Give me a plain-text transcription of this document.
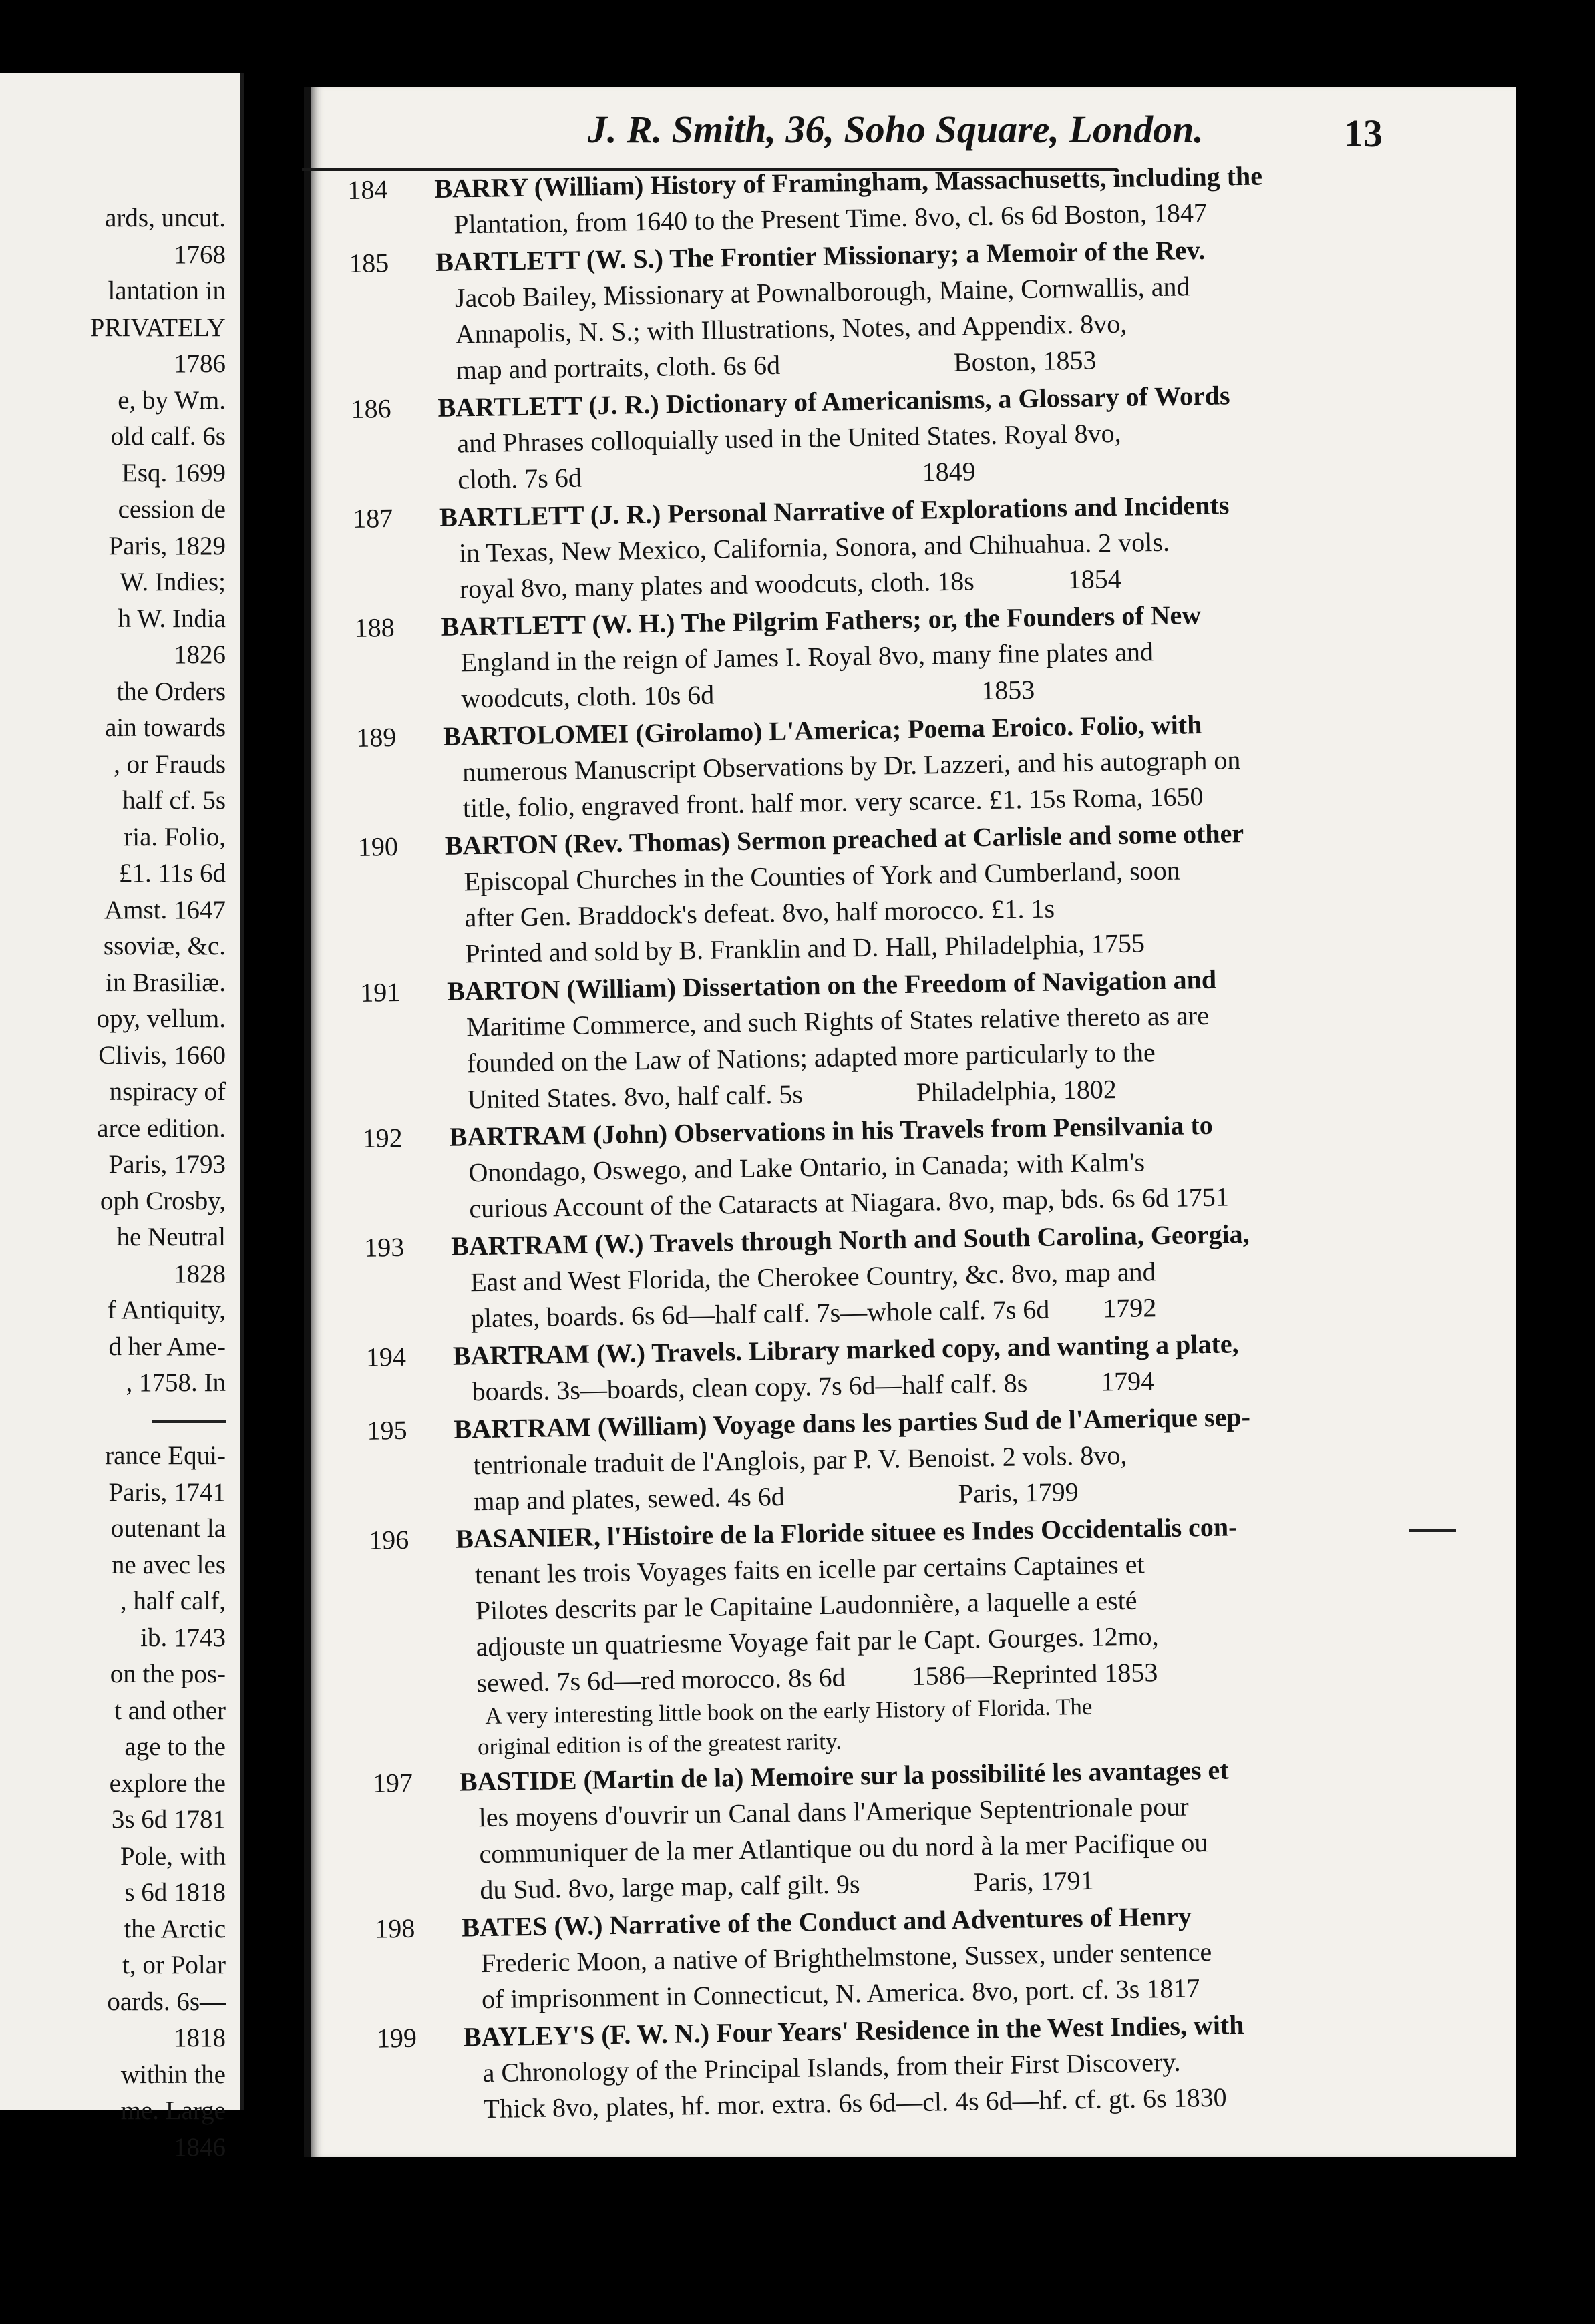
ards, uncut.
1768
lantation in
PRIVATELY
1786
e, by Wm.
old calf. 6s
Esq. 1699
cession de
Paris, 1829
W. Indies;
h W. India
1826
the Orders
ain towards
, or Frauds
half cf. 5s
ria. Folio,
£1. 11s 6d
Amst. 1647
ssoviæ, &c.
in Brasiliæ.
opy, vellum.
Clivis, 1660
nspiracy of
arce edition.
Paris, 1793
oph Crosby,
he Neutral
1828
f Antiquity,
d her Ame-
, 1758. In
rance Equi-
Paris, 1741
outenant la
ne avec les
, half calf,
ib. 1743
on the pos-
t and other
age to the
explore the
3s 6d 1781
Pole, with
s 6d 1818
the Arctic
t, or Polar
oards. 6s—
1818
within the
me. Large
1846
J. R. Smith, 36, Soho Square, London.	13
184 BARRY (William) History of Framingham, Massachusetts, including the
Plantation, from 1640 to the Present Time. 8vo, cl. 6s 6d Boston, 1847
185 BARTLETT (W. S.) The Frontier Missionary; a Memoir of the Rev.
Jacob Bailey, Missionary at Pownalborough, Maine, Cornwallis, and
Annapolis, N. S.; with Illustrations, Notes, and Appendix. 8vo,
map and portraits, cloth. 6s 6d                          Boston, 1853
186 BARTLETT (J. R.) Dictionary of Americanisms, a Glossary of Words
and Phrases colloquially used in the United States. Royal 8vo,
cloth. 7s 6d                                                   1849
187 BARTLETT (J. R.) Personal Narrative of Explorations and Incidents
in Texas, New Mexico, California, Sonora, and Chihuahua. 2 vols.
royal 8vo, many plates and woodcuts, cloth. 18s              1854
188 BARTLETT (W. H.) The Pilgrim Fathers; or, the Founders of New
England in the reign of James I. Royal 8vo, many fine plates and
woodcuts, cloth. 10s 6d                                        1853
189 BARTOLOMEI (Girolamo) L'America; Poema Eroico. Folio, with
numerous Manuscript Observations by Dr. Lazzeri, and his autograph on
title, folio, engraved front. half mor. very scarce. £1. 15s Roma, 1650
190 BARTON (Rev. Thomas) Sermon preached at Carlisle and some other
Episcopal Churches in the Counties of York and Cumberland, soon
after Gen. Braddock's defeat. 8vo, half morocco. £1. 1s
Printed and sold by B. Franklin and D. Hall, Philadelphia, 1755
191 BARTON (William) Dissertation on the Freedom of Navigation and
Maritime Commerce, and such Rights of States relative thereto as are
founded on the Law of Nations; adapted more particularly to the
United States. 8vo, half calf. 5s                 Philadelphia, 1802
192 BARTRAM (John) Observations in his Travels from Pensilvania to
Onondago, Oswego, and Lake Ontario, in Canada; with Kalm's
curious Account of the Cataracts at Niagara. 8vo, map, bds. 6s 6d 1751
193 BARTRAM (W.) Travels through North and South Carolina, Georgia,
East and West Florida, the Cherokee Country, &c. 8vo, map and
plates, boards. 6s 6d—half calf. 7s—whole calf. 7s 6d        1792
194 BARTRAM (W.) Travels. Library marked copy, and wanting a plate,
boards. 3s—boards, clean copy. 7s 6d—half calf. 8s           1794
195 BARTRAM (William) Voyage dans les parties Sud de l'Amerique sep-
tentrionale traduit de l'Anglois, par P. V. Benoist. 2 vols. 8vo,
map and plates, sewed. 4s 6d                          Paris, 1799
196 BASANIER, l'Histoire de la Floride situee es Indes Occidentalis con-
tenant les trois Voyages faits en icelle par certains Captaines et
Pilotes descrits par le Capitaine Laudonnière, a laquelle a esté
adjouste un quatriesme Voyage fait par le Capt. Gourges. 12mo,
sewed. 7s 6d—red morocco. 8s 6d          1586—Reprinted 1853
A very interesting little book on the early History of Florida. The
original edition is of the greatest rarity.
197 BASTIDE (Martin de la) Memoire sur la possibilité les avantages et
les moyens d'ouvrir un Canal dans l'Amerique Septentrionale pour
communiquer de la mer Atlantique ou du nord à la mer Pacifique ou
du Sud. 8vo, large map, calf gilt. 9s                 Paris, 1791
198 BATES (W.) Narrative of the Conduct and Adventures of Henry
Frederic Moon, a native of Brighthelmstone, Sussex, under sentence
of imprisonment in Connecticut, N. America. 8vo, port. cf. 3s 1817
199 BAYLEY'S (F. W. N.) Four Years' Residence in the West Indies, with
a Chronology of the Principal Islands, from their First Discovery.
Thick 8vo, plates, hf. mor. extra. 6s 6d—cl. 4s 6d—hf. cf. gt. 6s 1830
